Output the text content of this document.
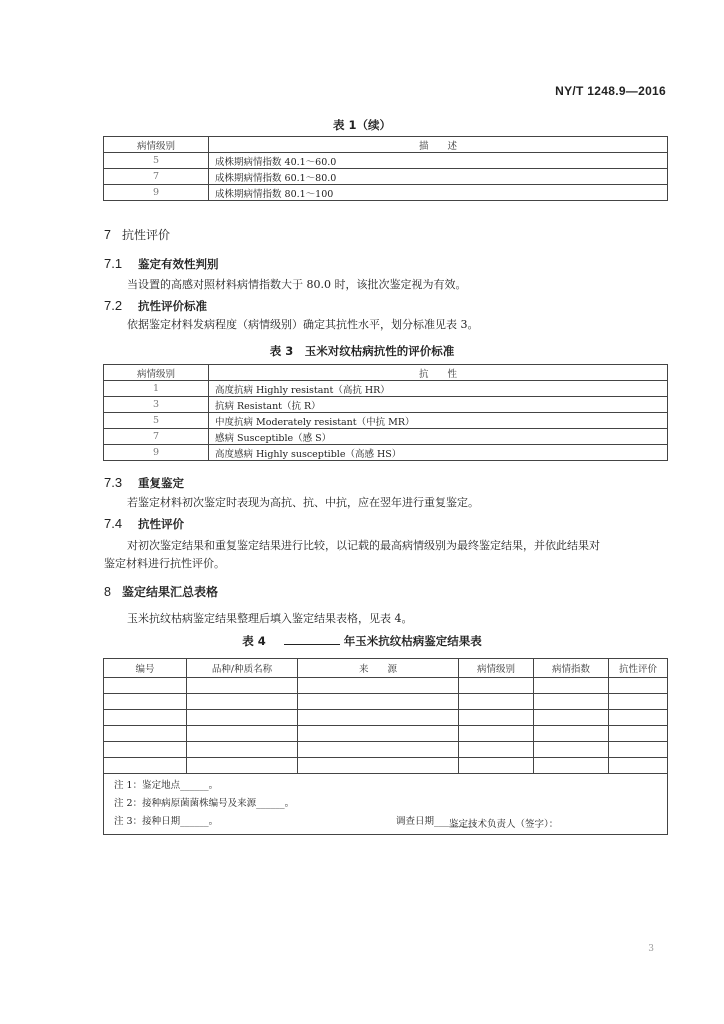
NY/T 1248.9—2016
表 1（续）
病情级别	描　　述
5	成株期病情指数 40.1～60.0
7	成株期病情指数 60.1～80.0
9	成株期病情指数 80.1～100
7 抗性评价
7.1 鉴定有效性判别
当设置的高感对照材料病情指数大于 80.0 时，该批次鉴定视为有效。
7.2 抗性评价标准
依据鉴定材料发病程度（病情级别）确定其抗性水平，划分标准见表 3。
表 3　玉米对纹枯病抗性的评价标准
病情级别	抗　　性
1	高度抗病 Highly resistant（高抗 HR）
3	抗病 Resistant（抗 R）
5	中度抗病 Moderately resistant（中抗 MR）
7	感病 Susceptible（感 S）
9	高度感病 Highly susceptible（高感 HS）
7.3 重复鉴定
若鉴定材料初次鉴定时表现为高抗、抗、中抗，应在翌年进行重复鉴定。
7.4 抗性评价
对初次鉴定结果和重复鉴定结果进行比较，以记载的最高病情级别为最终鉴定结果，并依此结果对
鉴定材料进行抗性评价。
8 鉴定结果汇总表格
玉米抗纹枯病鉴定结果整理后填入鉴定结果表格，见表 4。
表 4	年玉米抗纹枯病鉴定结果表
编号	品种/种质名称	来　　源	病情级别	病情指数	抗性评价

注 1：鉴定地点______。
注 2：接种病原菌菌株编号及来源______。
注 3：接种日期______。 调查日期________。					
鉴定技术负责人（签字）：
3
